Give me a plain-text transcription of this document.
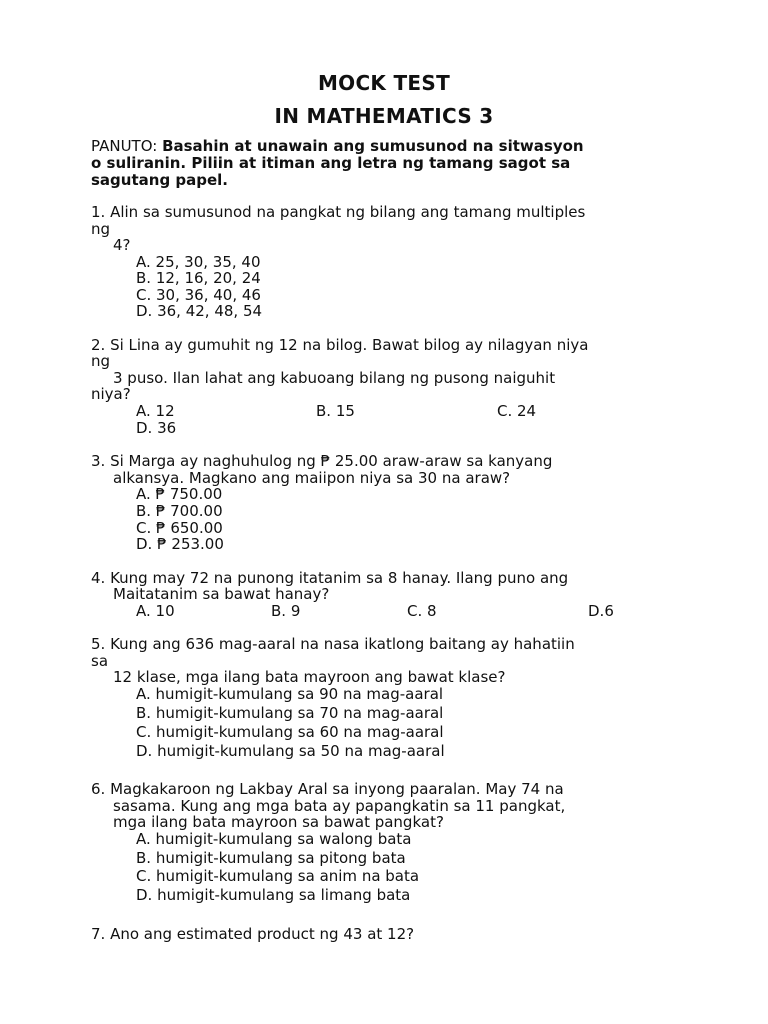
MOCK TEST
IN MATHEMATICS 3
PANUTO: Basahin at unawain ang sumusunod na sitwasyon
o suliranin. Piliin at itiman ang letra ng tamang sagot sa
sagutang papel.
1. Alin sa sumusunod na pangkat ng bilang ang tamang multiples
ng
4?
A. 25, 30, 35, 40
B. 12, 16, 20, 24
C. 30, 36, 40, 46
D. 36, 42, 48, 54
2. Si Lina ay gumuhit ng 12 na bilog. Bawat bilog ay nilagyan niya
ng
3 puso. Ilan lahat ang kabuoang bilang ng pusong naiguhit
niya?
A. 12	B. 15	C. 24
D. 36
3. Si Marga ay naghuhulog ng ₱ 25.00 araw-araw sa kanyang
alkansya. Magkano ang maiipon niya sa 30 na araw?
A. ₱ 750.00
B. ₱ 700.00
C. ₱ 650.00
D. ₱ 253.00
4. Kung may 72 na punong itatanim sa 8 hanay. Ilang puno ang
Maitatanim sa bawat hanay?
A. 10	B. 9	C. 8	D.6
5. Kung ang 636 mag-aaral na nasa ikatlong baitang ay hahatiin
sa
12 klase, mga ilang bata mayroon ang bawat klase?
A. humigit-kumulang sa 90 na mag-aaral
B. humigit-kumulang sa 70 na mag-aaral
C. humigit-kumulang sa 60 na mag-aaral
D. humigit-kumulang sa 50 na mag-aaral
6. Magkakaroon ng Lakbay Aral sa inyong paaralan. May 74 na
sasama. Kung ang mga bata ay papangkatin sa 11 pangkat,
mga ilang bata mayroon sa bawat pangkat?
A. humigit-kumulang sa walong bata
B. humigit-kumulang sa pitong bata
C. humigit-kumulang sa anim na bata
D. humigit-kumulang sa limang bata
7. Ano ang estimated product ng 43 at 12?
